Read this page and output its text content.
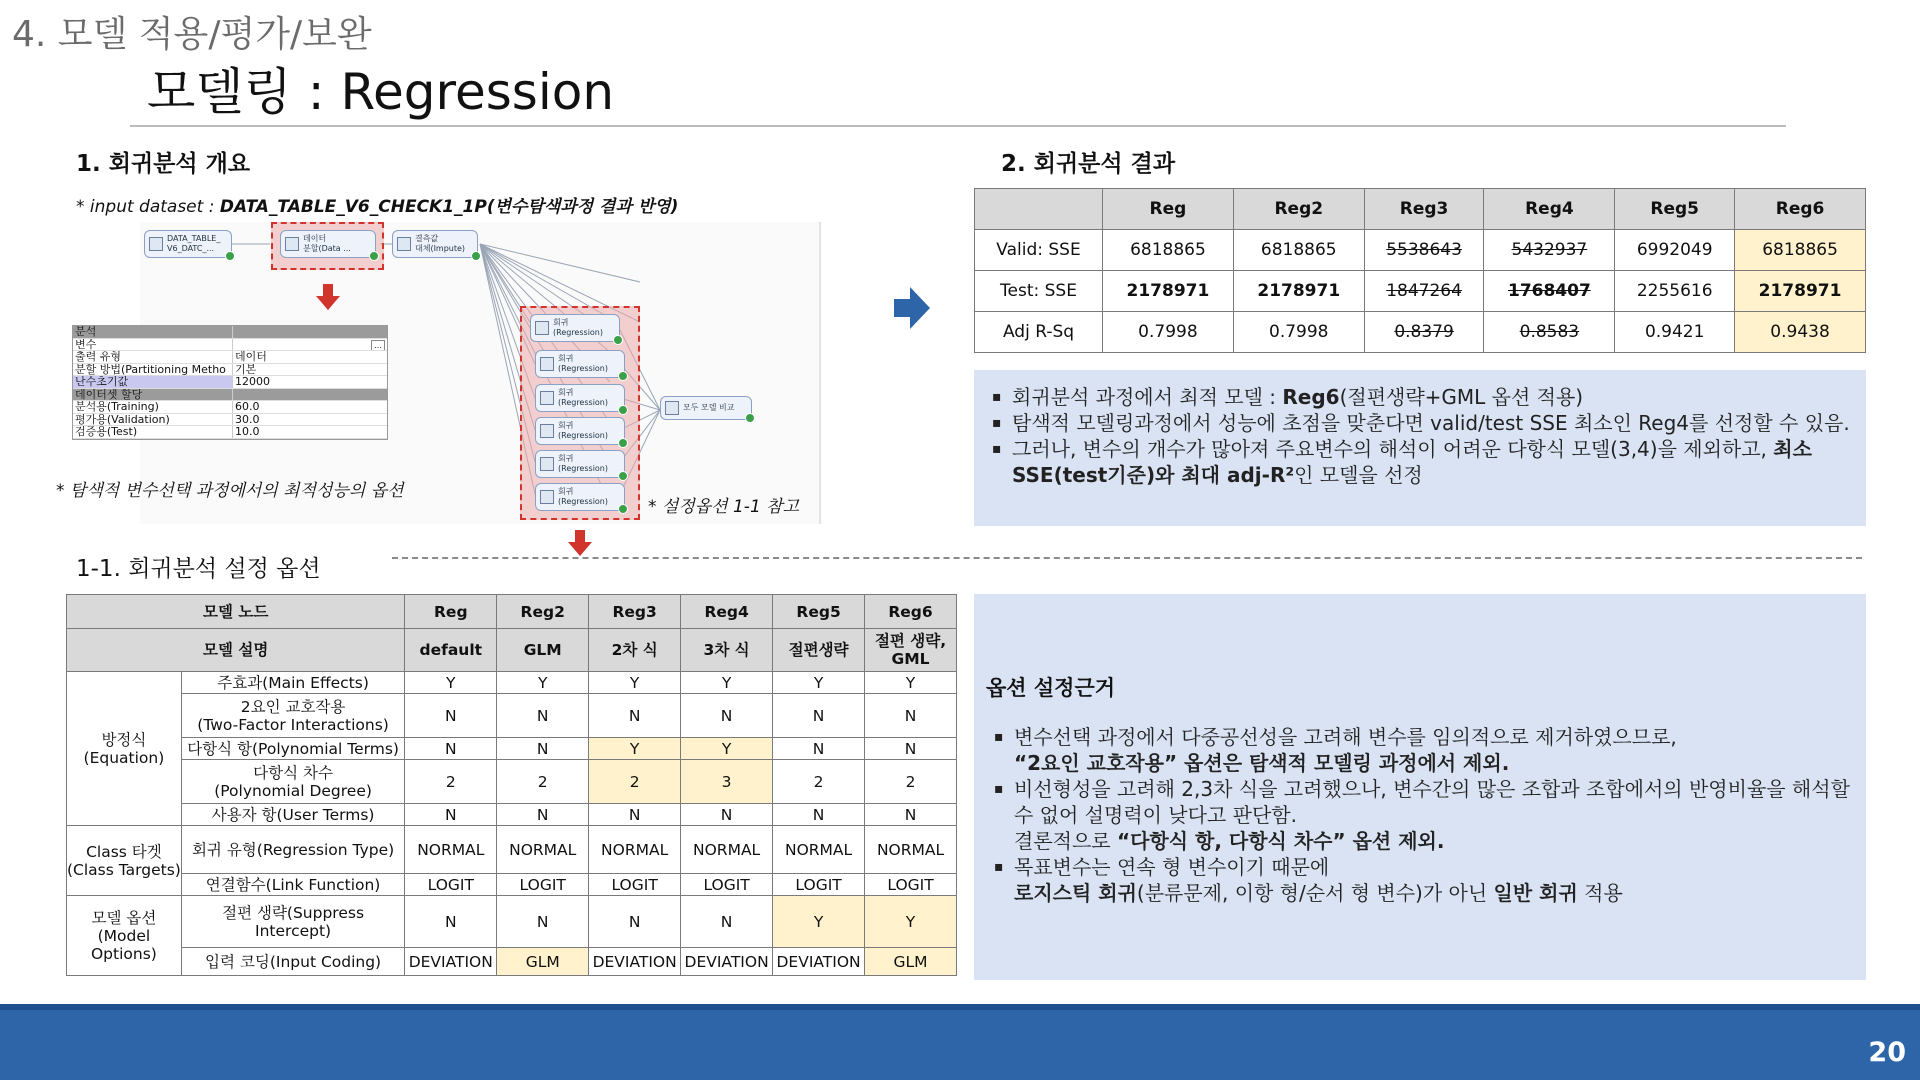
4. 모델 적용/평가/보완
모델링 : Regression
1. 회귀분석 개요
* input dataset : DATA_TABLE_V6_CHECK1_1P(변수탐색과정 결과 반영)
DATA_TABLE_
V6_DATC_...
데이터
분할(Data ...
결측값
대체(Impute)
회귀
(Regression)
회귀
(Regression)
회귀
(Regression)
회귀
(Regression)
회귀
(Regression)
회귀
(Regression)
모두 모델 비교
분석
변수	…
출력 유형	데이터
분할 방법(Partitioning Metho 기본
난수초기값	12000
데이터셋 할당
분석용(Training)	60.0
평가용(Validation)	30.0
검증용(Test)	10.0
* 탐색적 변수선택 과정에서의 최적성능의 옵션
* 설정옵션 1-1 참고
2. 회귀분석 결과
	Reg	Reg2	Reg3	Reg4	Reg5	Reg6
Valid: SSE	6818865	6818865	5538643	5432937	6992049	6818865
Test: SSE	2178971	2178971	1847264	1768407	2255616	2178971
Adj R-Sq	0.7998	0.7998	0.8379	0.8583	0.9421	0.9438
▪ 회귀분석 과정에서 최적 모델 : Reg6(절편생략+GML 옵션 적용)
▪ 탐색적 모델링과정에서 성능에 초점을 맞춘다면 valid/test SSE 최소인 Reg4를 선정할 수 있음.
▪ 그러나, 변수의 개수가 많아져 주요변수의 해석이 어려운 다항식 모델(3,4)을 제외하고, 최소 SSE(test기준)와 최대 adj-R²인 모델을 선정
1-1. 회귀분석 설정 옵션
모델 노드		Reg	Reg2	Reg3	Reg4	Reg5	Reg6
모델 설명		default	GLM	2차 식	3차 식	절편생략	절편 생략, GML
방정식
(Equation)	주효과(Main Effects)	Y	Y	Y	Y	Y	Y
	2요인 교호작용
(Two-Factor Interactions)	N	N	N	N	N	N
	다항식 항(Polynomial Terms)	N	N	Y	Y	N	N
	다항식 차수
(Polynomial Degree)	2	2	2	3	2	2
	사용자 항(User Terms)	N	N	N	N	N	N
Class 타겟
(Class Targets)	회귀 유형(Regression Type)	NORMAL	NORMAL	NORMAL	NORMAL	NORMAL	NORMAL
	연결함수(Link Function)	LOGIT	LOGIT	LOGIT	LOGIT	LOGIT	LOGIT
모델 옵션
(Model
Options)	절편 생략(Suppress Intercept)	N	N	N	N	Y	Y
	입력 코딩(Input Coding)	DEVIATION	GLM	DEVIATION	DEVIATION	DEVIATION	GLM
옵션 설정근거
▪ 변수선택 과정에서 다중공선성을 고려해 변수를 임의적으로 제거하였으므로,
“2요인 교호작용” 옵션은 탐색적 모델링 과정에서 제외.
▪ 비선형성을 고려해 2,3차 식을 고려했으나, 변수간의 많은 조합과 조합에서의 반영비율을 해석할 수 없어 설명력이 낮다고 판단함.
결론적으로 “다항식 항, 다항식 차수” 옵션 제외.
▪ 목표변수는 연속 형 변수이기 때문에
로지스틱 회귀(분류문제, 이항 형/순서 형 변수)가 아닌 일반 회귀 적용
20
